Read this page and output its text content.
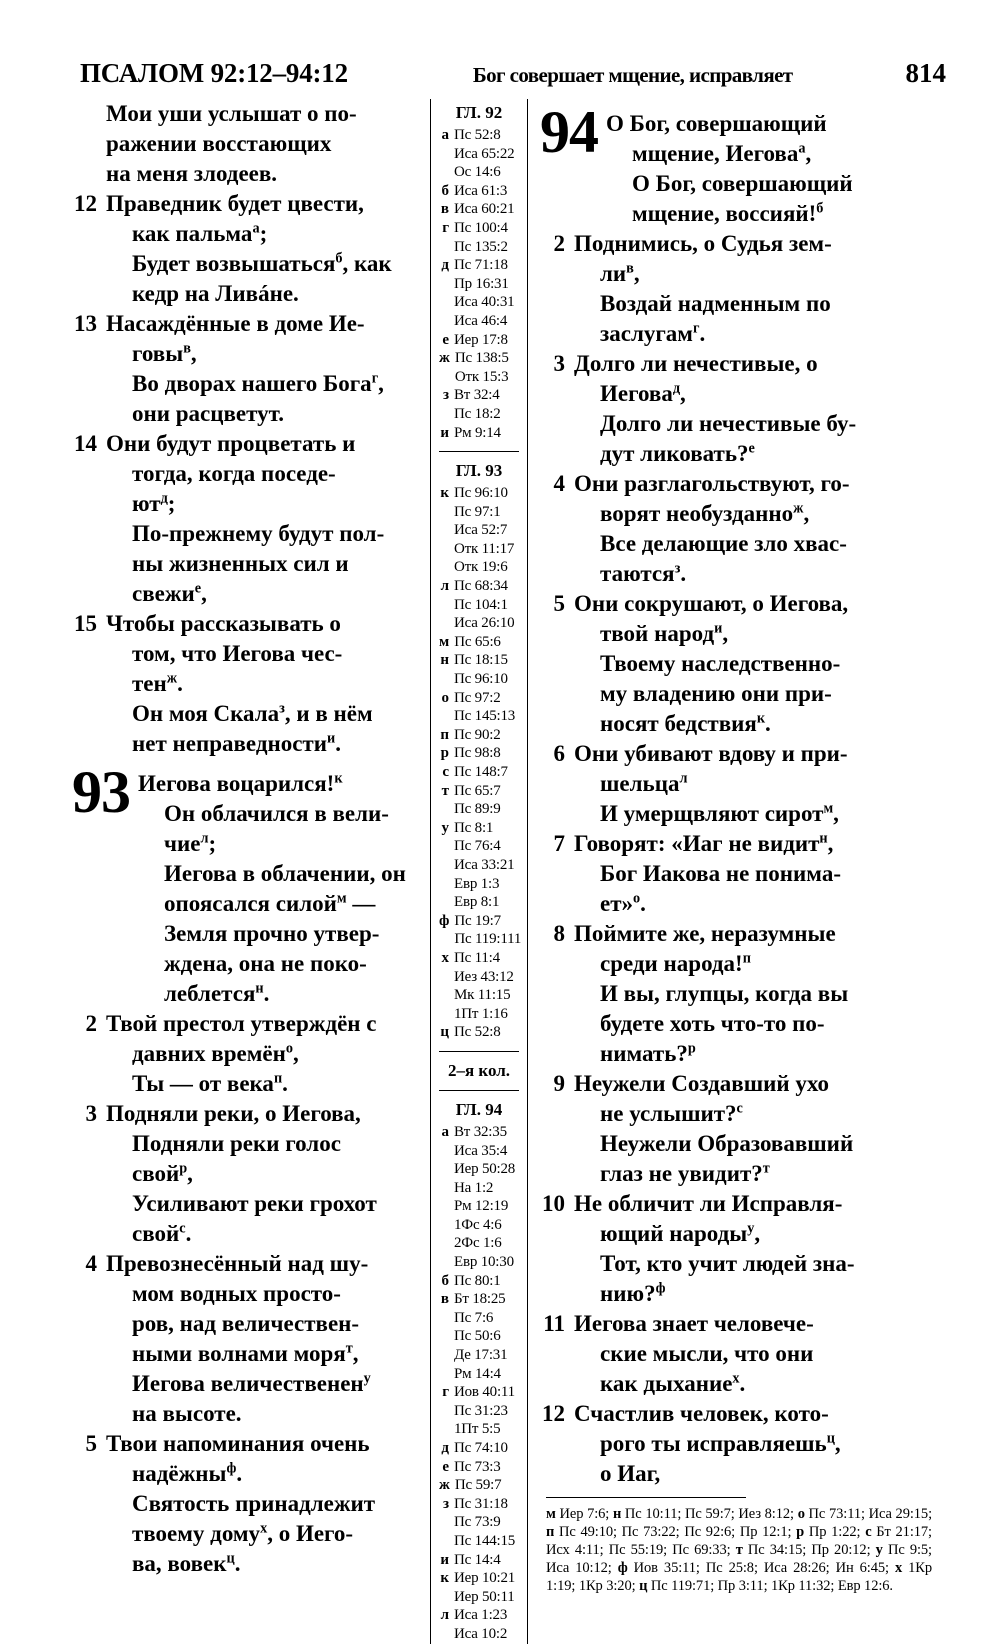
ПСАЛОМ 92:12–94:12	Бог совершает мщение, исправляет	814
Мои уши услышат о по-
ражении восстающих
на меня злодеев.
12 Праведник будет цвести,
как пальма$^а$;
Будет возвышаться$^б$, как
кедр на Ливáне.
13 Насаждённые в доме Ие-
говы$^в$,
Во дворах нашего Бога$^г$,
они расцветут.
14 Они будут процветать и
тогда, когда поседе-
$ют^д$;
По-прежнему будут пол-
ны жизненных сил и
свежи$^е$,
15 Чтобы рассказывать о
том, что Иегова чес-
тен$^ж$.
Он моя Скала$^з$, и в нём
нет неправедности$^и$.
93 Иегова воцарился!$^к$
Он облачился в вели-
чие$^л$;
Иегова в облачении, он
опоясался силой$^м$ —
Земля прочно утвер-
ждена, она не поко-
леблется$^н$.
2 Твой престол утверждён с
давних времён$^о$,
Ты — от века$^п$.
3 Подняли реки, о Иегова,
Подняли реки голос
свой$^р$,
Усиливают реки грохот
свой$^с$.
4 Превознесённый над шу-
мом водных просто-
ров, над величествен-
ными волнами моря$^т$,
Иегова величественен$^у$
на высоте.
5 Твои напоминания очень
надёжны$^ф$.
Святость принадлежит
твоему дому$^х$, о Иего-
ва, вовек$^ц$.
ГЛ. 92
а Пс 52:8
Иса 65:22
Ос 14:6
б Иса 61:3
в Иса 60:21
г Пс 100:4
Пс 135:2
д Пс 71:18
Пр 16:31
Иса 40:31
Иса 46:4
е Иер 17:8
ж Пс 138:5
Отк 15:3
з Вт 32:4
Пс 18:2
и Рм 9:14
ГЛ. 93
к Пс 96:10
Пс 97:1
Иса 52:7
Отк 11:17
Отк 19:6
л Пс 68:34
Пс 104:1
Иса 26:10
м Пс 65:6
н Пс 18:15
Пс 96:10
о Пс 97:2
Пс 145:13
п Пс 90:2
р Пс 98:8
с Пс 148:7
т Пс 65:7
Пс 89:9
у Пс 8:1
Пс 76:4
Иса 33:21
Евр 1:3
Евр 8:1
ф Пс 19:7
Пс 119:111
х Пс 11:4
Иез 43:12
Мк 11:15
1Пт 1:16
ц Пс 52:8
2–я кол.
ГЛ. 94
а Вт 32:35
Иса 35:4
Иер 50:28
На 1:2
Рм 12:19
1Фс 4:6
2Фс 1:6
Евр 10:30
б Пс 80:1
в Бт 18:25
Пс 7:6
Пс 50:6
Де 17:31
Рм 14:4
г Иов 40:11
Пс 31:23
1Пт 5:5
д Пс 74:10
е Пс 73:3
ж Пс 59:7
з Пс 31:18
Пс 73:9
Пс 144:15
и Пс 14:4
к Иер 10:21
Иер 50:11
л Иса 1:23
Иса 10:2
94 О Бог, совершающий
мщение, Иегова$^а$,
О Бог, совершающий
мщение, воссияй!$^б$
2 Поднимись, о Судья зем-
$ли^в$,
Воздай надменным по
заслугам$^г$.
3 Долго ли нечестивые, о
Иегова$^д$,
Долго ли нечестивые бу-
дут ликовать?$^е$
4 Они разглагольствуют, го-
ворят необузданно$^ж$,
Все делающие зло хвас-
таются$^з$.
5 Они сокрушают, о Иегова,
твой народ$^и$,
Твоему наследственно-
му владению они при-
носят бедствия$^к$.
6 Они убивают вдову и при-
шельца$^л$
И умерщвляют сирот$^м$,
7 Говорят: «Иаг не видит$^н$,
Бог Иакова не понима-
ет»$^о$.
8 Поймите же, неразумные
среди народа!$^п$
И вы, глупцы, когда вы
будете хоть что-то по-
нимать?$^р$
9 Неужели Создавший ухо
не услышит?$^с$
Неужели Образовавший
глаз не увидит?$^т$
10 Не обличит ли Исправля-
ющий народы$^у$,
Тот, кто учит людей зна-
нию?$^ф$
11 Иегова знает человече-
ские мысли, что они
как дыхание$^х$.
12 Счастлив человек, кото-
рого ты исправляешь$^ц$,
о Иаг,
м Иер 7:6; н Пс 10:11; Пс 59:7; Иез 8:12; о Пс 73:11; Иса 29:15; п Пс 49:10; Пс 73:22; Пс 92:6; Пр 12:1; р Пр 1:22; с Бт 21:17; Исх 4:11; Пс 55:19; Пс 69:33; т Пс 34:15; Пр 20:12; у Пс 9:5; Иса 10:12; ф Иов 35:11; Пс 25:8; Иса 28:26; Ин 6:45; х 1Кр 1:19; 1Кр 3:20; ц Пс 119:71; Пр 3:11; 1Кр 11:32; Евр 12:6.
